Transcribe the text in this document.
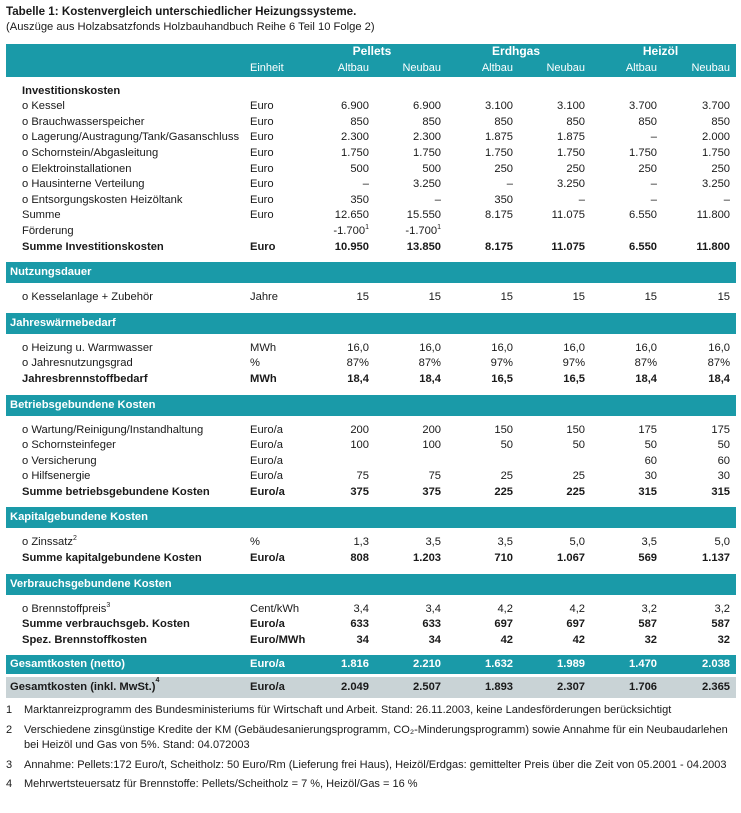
Tabelle 1: Kostenvergleich unterschiedlicher Heizungssysteme.
(Auszüge aus Holzabsatzfonds Holzbauhandbuch Reihe 6 Teil 10 Folge 2)
		Pellets		Erdhgas		Heizöl	
	Einheit	Altbau	Neubau	Altbau	Neubau	Altbau	Neubau

Investitionskosten							
o Kessel	Euro	6.900	6.900	3.100	3.100	3.700	3.700
o Brauchwasserspeicher	Euro	850	850	850	850	850	850
o Lagerung/Austragung/Tank/Gasanschluss	Euro	2.300	2.300	1.875	1.875	–	2.000
o Schornstein/Abgasleitung	Euro	1.750	1.750	1.750	1.750	1.750	1.750
o Elektroinstallationen	Euro	500	500	250	250	250	250
o Hausinterne Verteilung	Euro	–	3.250	–	3.250	–	3.250
o Entsorgungskosten Heizöltank	Euro	350	–	350	–	–	–
Summe	Euro	12.650	15.550	8.175	11.075	6.550	11.800
Förderung		-1.700$^1$	-1.700$^1$				
Summe Investitionskosten	Euro	10.950	13.850	8.175	11.075	6.550	11.800

Nutzungsdauer							

o Kesselanlage + Zubehör	Jahre	15	15	15	15	15	15

Jahreswärmebedarf							

o Heizung u. Warmwasser	MWh	16,0	16,0	16,0	16,0	16,0	16,0
o Jahresnutzungsgrad	%	87%	87%	97%	97%	87%	87%
Jahresbrennstoffbedarf	MWh	18,4	18,4	16,5	16,5	18,4	18,4

Betriebsgebundene Kosten							

o Wartung/Reinigung/Instandhaltung	Euro/a	200	200	150	150	175	175
o Schornsteinfeger	Euro/a	100	100	50	50	50	50
o Versicherung	Euro/a					60	60
o Hilfsenergie	Euro/a	75	75	25	25	30	30
Summe betriebsgebundene Kosten	Euro/a	375	375	225	225	315	315

Kapitalgebundene Kosten							

o Zinssatz$^2$	%	1,3	3,5	3,5	5,0	3,5	5,0
Summe kapitalgebundene Kosten	Euro/a	808	1.203	710	1.067	569	1.137

Verbrauchsgebundene Kosten							

o Brennstoffpreis$^3$	Cent/kWh	3,4	3,4	4,2	4,2	3,2	3,2
Summe verbrauchsgeb. Kosten	Euro/a	633	633	697	697	587	587
Spez. Brennstoffkosten	Euro/MWh	34	34	42	42	32	32

Gesamtkosten (netto)	Euro/a	1.816	2.210	1.632	1.989	1.470	2.038

Gesamtkosten (inkl. MwSt.)$^4$	Euro/a	2.049	2.507	1.893	2.307	1.706	2.365
1	Marktanreizprogramm des Bundesministeriums für Wirtschaft und Arbeit. Stand: 26.11.2003, keine Landesförderungen berücksichtigt
2	Verschiedene zinsgünstige Kredite der KM (Gebäudesanierungsprogramm, CO₂-Minderungsprogramm) sowie Annahme für ein Neubaudarlehen bei Heizöl und Gas von 5%. Stand: 04.072003
3	Annahme: Pellets:172 Euro/t, Scheitholz: 50 Euro/Rm (Lieferung frei Haus), Heizöl/Erdgas: gemittelter Preis über die Zeit von 05.2001 - 04.2003
4	Mehrwertsteuersatz für Brennstoffe: Pellets/Scheitholz = 7 %, Heizöl/Gas = 16 %
